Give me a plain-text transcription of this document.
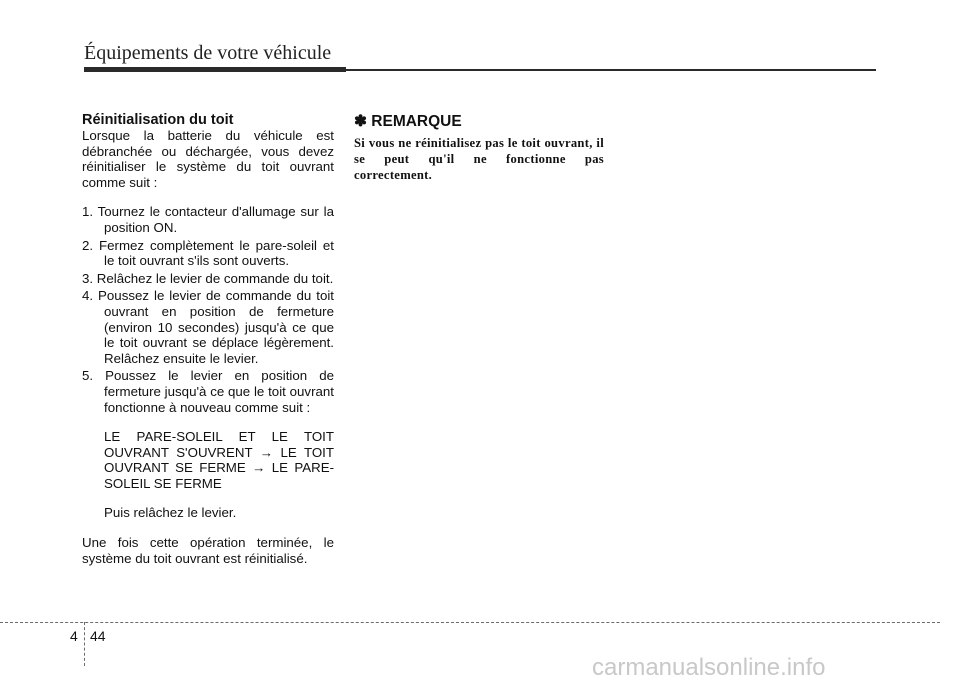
Équipements de votre véhicule
Réinitialisation du toit

Lorsque la batterie du véhicule est débranchée ou déchargée, vous devez réinitialiser le système du toit ouvrant comme suit :

1. Tournez le contacteur d'allumage sur la position ON.
2. Fermez complètement le pare-soleil et le toit ouvrant s'ils sont ouverts.
3. Relâchez le levier de commande du toit.
4. Poussez le levier de commande du toit ouvrant en position de fermeture (environ 10 secondes) jusqu'à ce que le toit ouvrant se déplace légèrement. Relâchez ensuite le levier.
5. Poussez le levier en position de fermeture jusqu'à ce que le toit ouvrant fonctionne à nouveau comme suit :

LE PARE-SOLEIL ET LE TOIT OUVRANT S'OUVRENT → LE TOIT OUVRANT SE FERME → LE PARE-SOLEIL SE FERME

Puis relâchez le levier.

Une fois cette opération terminée, le système du toit ouvrant est réinitialisé.

✽ REMARQUE

Si vous ne réinitialisez pas le toit ouvrant, il se peut qu'il ne fonctionne pas correctement.

4 44
carmanualsonline.info
